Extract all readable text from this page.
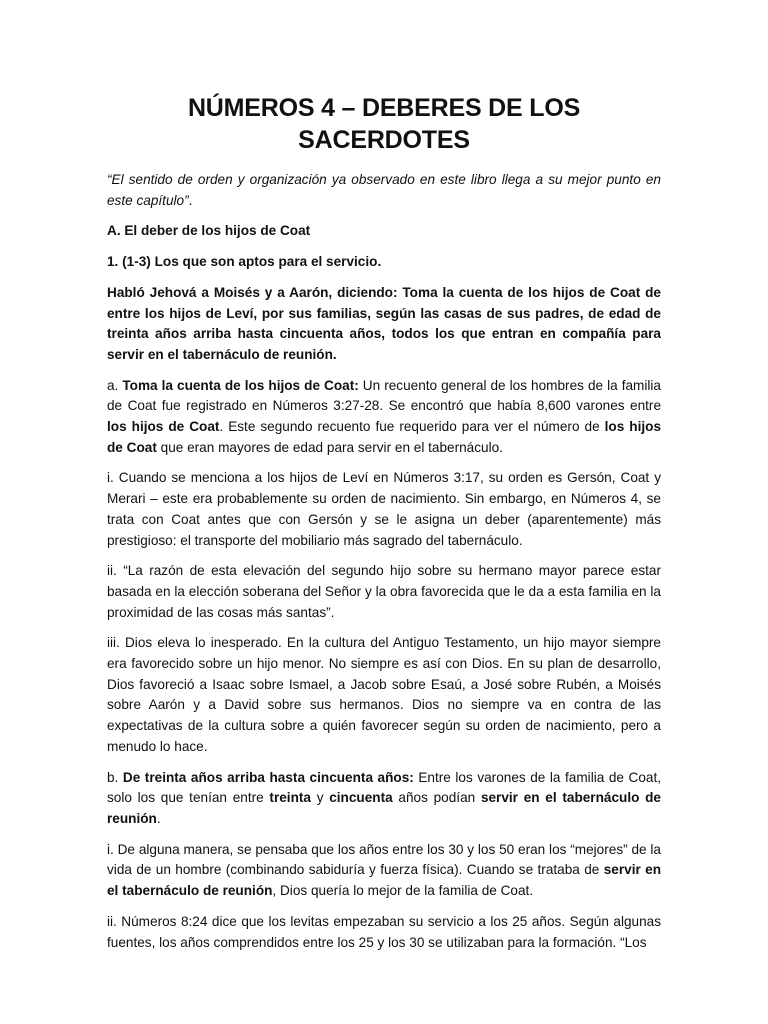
NÚMEROS 4 – DEBERES DE LOS SACERDOTES

“El sentido de orden y organización ya observado en este libro llega a su mejor punto en este capítulo”.

A. El deber de los hijos de Coat

1. (1-3) Los que son aptos para el servicio.

Habló Jehová a Moisés y a Aarón, diciendo: Toma la cuenta de los hijos de Coat de entre los hijos de Leví, por sus familias, según las casas de sus padres, de edad de treinta años arriba hasta cincuenta años, todos los que entran en compañía para servir en el tabernáculo de reunión.

a. Toma la cuenta de los hijos de Coat: Un recuento general de los hombres de la familia de Coat fue registrado en Números 3:27-28. Se encontró que había 8,600 varones entre los hijos de Coat. Este segundo recuento fue requerido para ver el número de los hijos de Coat que eran mayores de edad para servir en el tabernáculo.

i. Cuando se menciona a los hijos de Leví en Números 3:17, su orden es Gersón, Coat y Merari – este era probablemente su orden de nacimiento. Sin embargo, en Números 4, se trata con Coat antes que con Gersón y se le asigna un deber (aparentemente) más prestigioso: el transporte del mobiliario más sagrado del tabernáculo.

ii. “La razón de esta elevación del segundo hijo sobre su hermano mayor parece estar basada en la elección soberana del Señor y la obra favorecida que le da a esta familia en la proximidad de las cosas más santas”.

iii. Dios eleva lo inesperado. En la cultura del Antiguo Testamento, un hijo mayor siempre era favorecido sobre un hijo menor. No siempre es así con Dios. En su plan de desarrollo, Dios favoreció a Isaac sobre Ismael, a Jacob sobre Esaú, a José sobre Rubén, a Moisés sobre Aarón y a David sobre sus hermanos. Dios no siempre va en contra de las expectativas de la cultura sobre a quién favorecer según su orden de nacimiento, pero a menudo lo hace.

b. De treinta años arriba hasta cincuenta años: Entre los varones de la familia de Coat, solo los que tenían entre treinta y cincuenta años podían servir en el tabernáculo de reunión.

i. De alguna manera, se pensaba que los años entre los 30 y los 50 eran los “mejores” de la vida de un hombre (combinando sabiduría y fuerza física). Cuando se trataba de servir en el tabernáculo de reunión, Dios quería lo mejor de la familia de Coat.

ii. Números 8:24 dice que los levitas empezaban su servicio a los 25 años. Según algunas fuentes, los años comprendidos entre los 25 y los 30 se utilizaban para la formación. “Los
